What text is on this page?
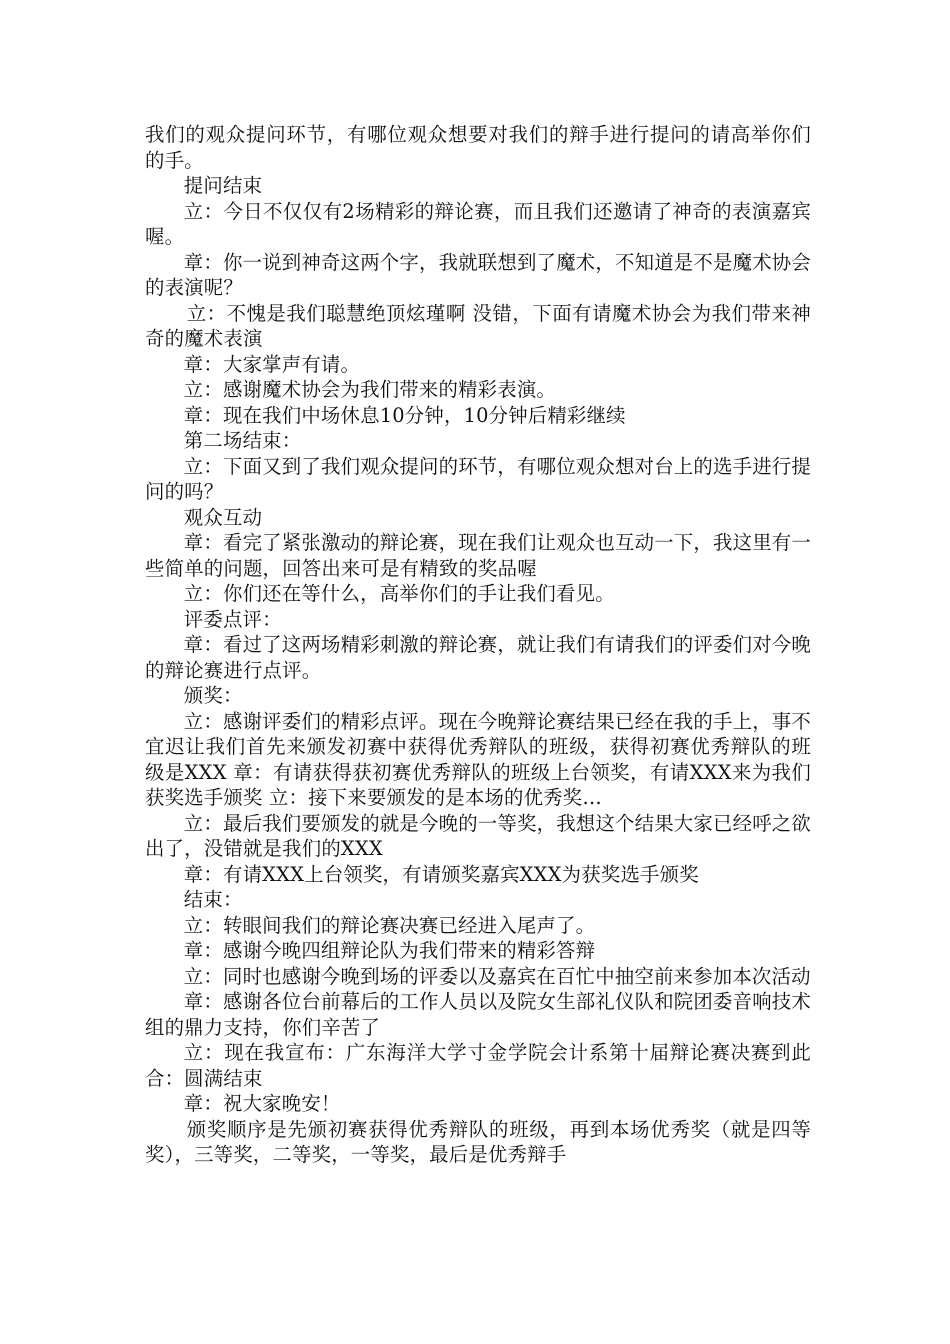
我们的观众提问环节，有哪位观众想要对我们的辩手进行提问的请高举你们的手。

提问结束

立：今日不仅仅有2场精彩的辩论赛，而且我们还邀请了神奇的表演嘉宾喔。

章：你一说到神奇这两个字，我就联想到了魔术，不知道是不是魔术协会的表演呢？

立：不愧是我们聪慧绝顶炫瑾啊 没错，下面有请魔术协会为我们带来神奇的魔术表演

章：大家掌声有请。

立：感谢魔术协会为我们带来的精彩表演。

章：现在我们中场休息10分钟，10分钟后精彩继续

第二场结束：

立：下面又到了我们观众提问的环节，有哪位观众想对台上的选手进行提问的吗？

观众互动

章：看完了紧张激动的辩论赛，现在我们让观众也互动一下，我这里有一些简单的问题，回答出来可是有精致的奖品喔

立：你们还在等什么，高举你们的手让我们看见。

评委点评：

章：看过了这两场精彩刺激的辩论赛，就让我们有请我们的评委们对今晚的辩论赛进行点评。

颁奖：

立：感谢评委们的精彩点评。现在今晚辩论赛结果已经在我的手上，事不宜迟让我们首先来颁发初赛中获得优秀辩队的班级，获得初赛优秀辩队的班级是XXX 章：有请获得获初赛优秀辩队的班级上台领奖，有请XXX来为我们获奖选手颁奖 立：接下来要颁发的是本场的优秀奖…

立：最后我们要颁发的就是今晚的一等奖，我想这个结果大家已经呼之欲出了，没错就是我们的XXX

章：有请XXX上台领奖，有请颁奖嘉宾XXX为获奖选手颁奖

结束：

立：转眼间我们的辩论赛决赛已经进入尾声了。

章：感谢今晚四组辩论队为我们带来的精彩答辩

立：同时也感谢今晚到场的评委以及嘉宾在百忙中抽空前来参加本次活动

章：感谢各位台前幕后的工作人员以及院女生部礼仪队和院团委音响技术组的鼎力支持，你们辛苦了

立：现在我宣布：广东海洋大学寸金学院会计系第十届辩论赛决赛到此 合：圆满结束

章：祝大家晚安！

颁奖顺序是先颁初赛获得优秀辩队的班级，再到本场优秀奖（就是四等奖），三等奖，二等奖，一等奖，最后是优秀辩手
